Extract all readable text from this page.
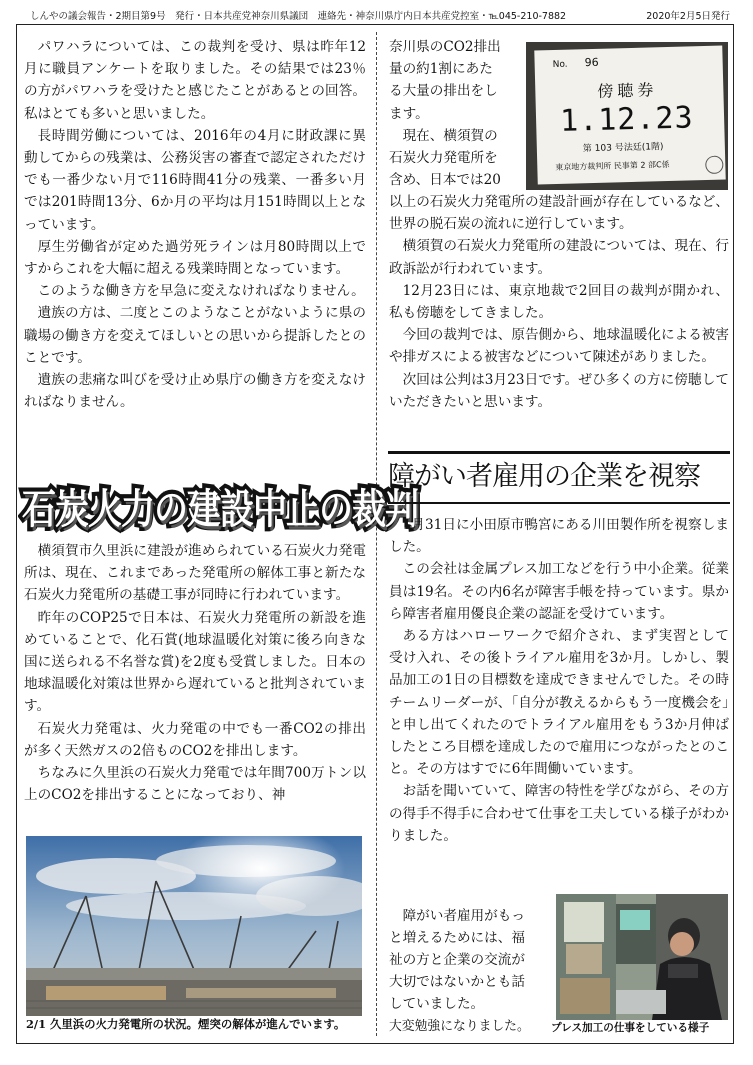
しんやの議会報告・2期目第9号　発行・日本共産党神奈川県議団　連絡先・神奈川県庁内日本共産党控室・℡045-210-7882	2020年2月5日発行

パワハラについては、この裁判を受け、県は昨年12月に職員アンケートを取りました。その結果では23％の方がパワハラを受けたと感じたことがあるとの回答。私はとても多いと思いました。

長時間労働については、2016年の4月に財政課に異動してからの残業は、公務災害の審査で認定されただけでも一番少ない月で116時間41分の残業、一番多い月では201時間13分、6か月の平均は月151時間以上となっています。

厚生労働省が定めた過労死ラインは月80時間以上ですからこれを大幅に超える残業時間となっています。

このような働き方を早急に変えなければなりません。

遺族の方は、二度とこのようなことがないように県の職場の働き方を変えてほしいとの思いから提訴したとのことです。

遺族の悲痛な叫びを受け止め県庁の働き方を変えなければなりません。

石炭火力の建設中止の裁判

横須賀市久里浜に建設が進められている石炭火力発電所は、現在、これまであった発電所の解体工事と新たな石炭火力発電所の基礎工事が同時に行われています。

昨年のCOP25で日本は、石炭火力発電所の新設を進めていることで、化石賞(地球温暖化対策に後ろ向きな国に送られる不名誉な賞)を2度も受賞しました。日本の地球温暖化対策は世界から遅れていると批判されています。

石炭火力発電は、火力発電の中でも一番CO2の排出が多く天然ガスの2倍ものCO2を排出します。

ちなみに久里浜の石炭火力発電では年間700万トン以上のCO2を排出することになっており、神

2/1 久里浜の火力発電所の状況。煙突の解体が進んでいます。
奈川県のCO2排出
量の約1割にあた
る大量の排出をし
ます。
　現在、横須賀の
石炭火力発電所を
含め、日本では20
No. 96
傍聴券
1.12.23
第 103 号法廷(1階)
東京地方裁判所 民事第 2 部C係

以上の石炭火力発電所の建設計画が存在しているなど、世界の脱石炭の流れに逆行しています。

横須賀の石炭火力発電所の建設については、現在、行政訴訟が行われています。

12月23日には、東京地裁で2回目の裁判が開かれ、私も傍聴をしてきました。

今回の裁判では、原告側から、地球温暖化による被害や排ガスによる被害などについて陳述がありました。

次回は公判は3月23日です。ぜひ多くの方に傍聴していただきたいと思います。

障がい者雇用の企業を視察

1月31日に小田原市鴨宮にある川田製作所を視察しました。

この会社は金属プレス加工などを行う中小企業。従業員は19名。その内6名が障害手帳を持っています。県から障害者雇用優良企業の認証を受けています。

ある方はハローワークで紹介され、まず実習として受け入れ、その後トライアル雇用を3か月。しかし、製品加工の1日の目標数を達成できませんでした。その時チームリーダーが、「自分が教えるからもう一度機会を」と申し出てくれたのでトライアル雇用をもう3か月伸ばしたところ目標を達成したので雇用につながったとのこと。その方はすでに6年間働いています。

お話を聞いていて、障害の特性を学びながら、その方の得手不得手に合わせて仕事を工夫している様子がわかりました。

　障がい者雇用がもっ
と増えるためには、福
祉の方と企業の交流が
大切ではないかとも話
していました。
大変勉強になりました。 プレス加工の仕事をしている様子
